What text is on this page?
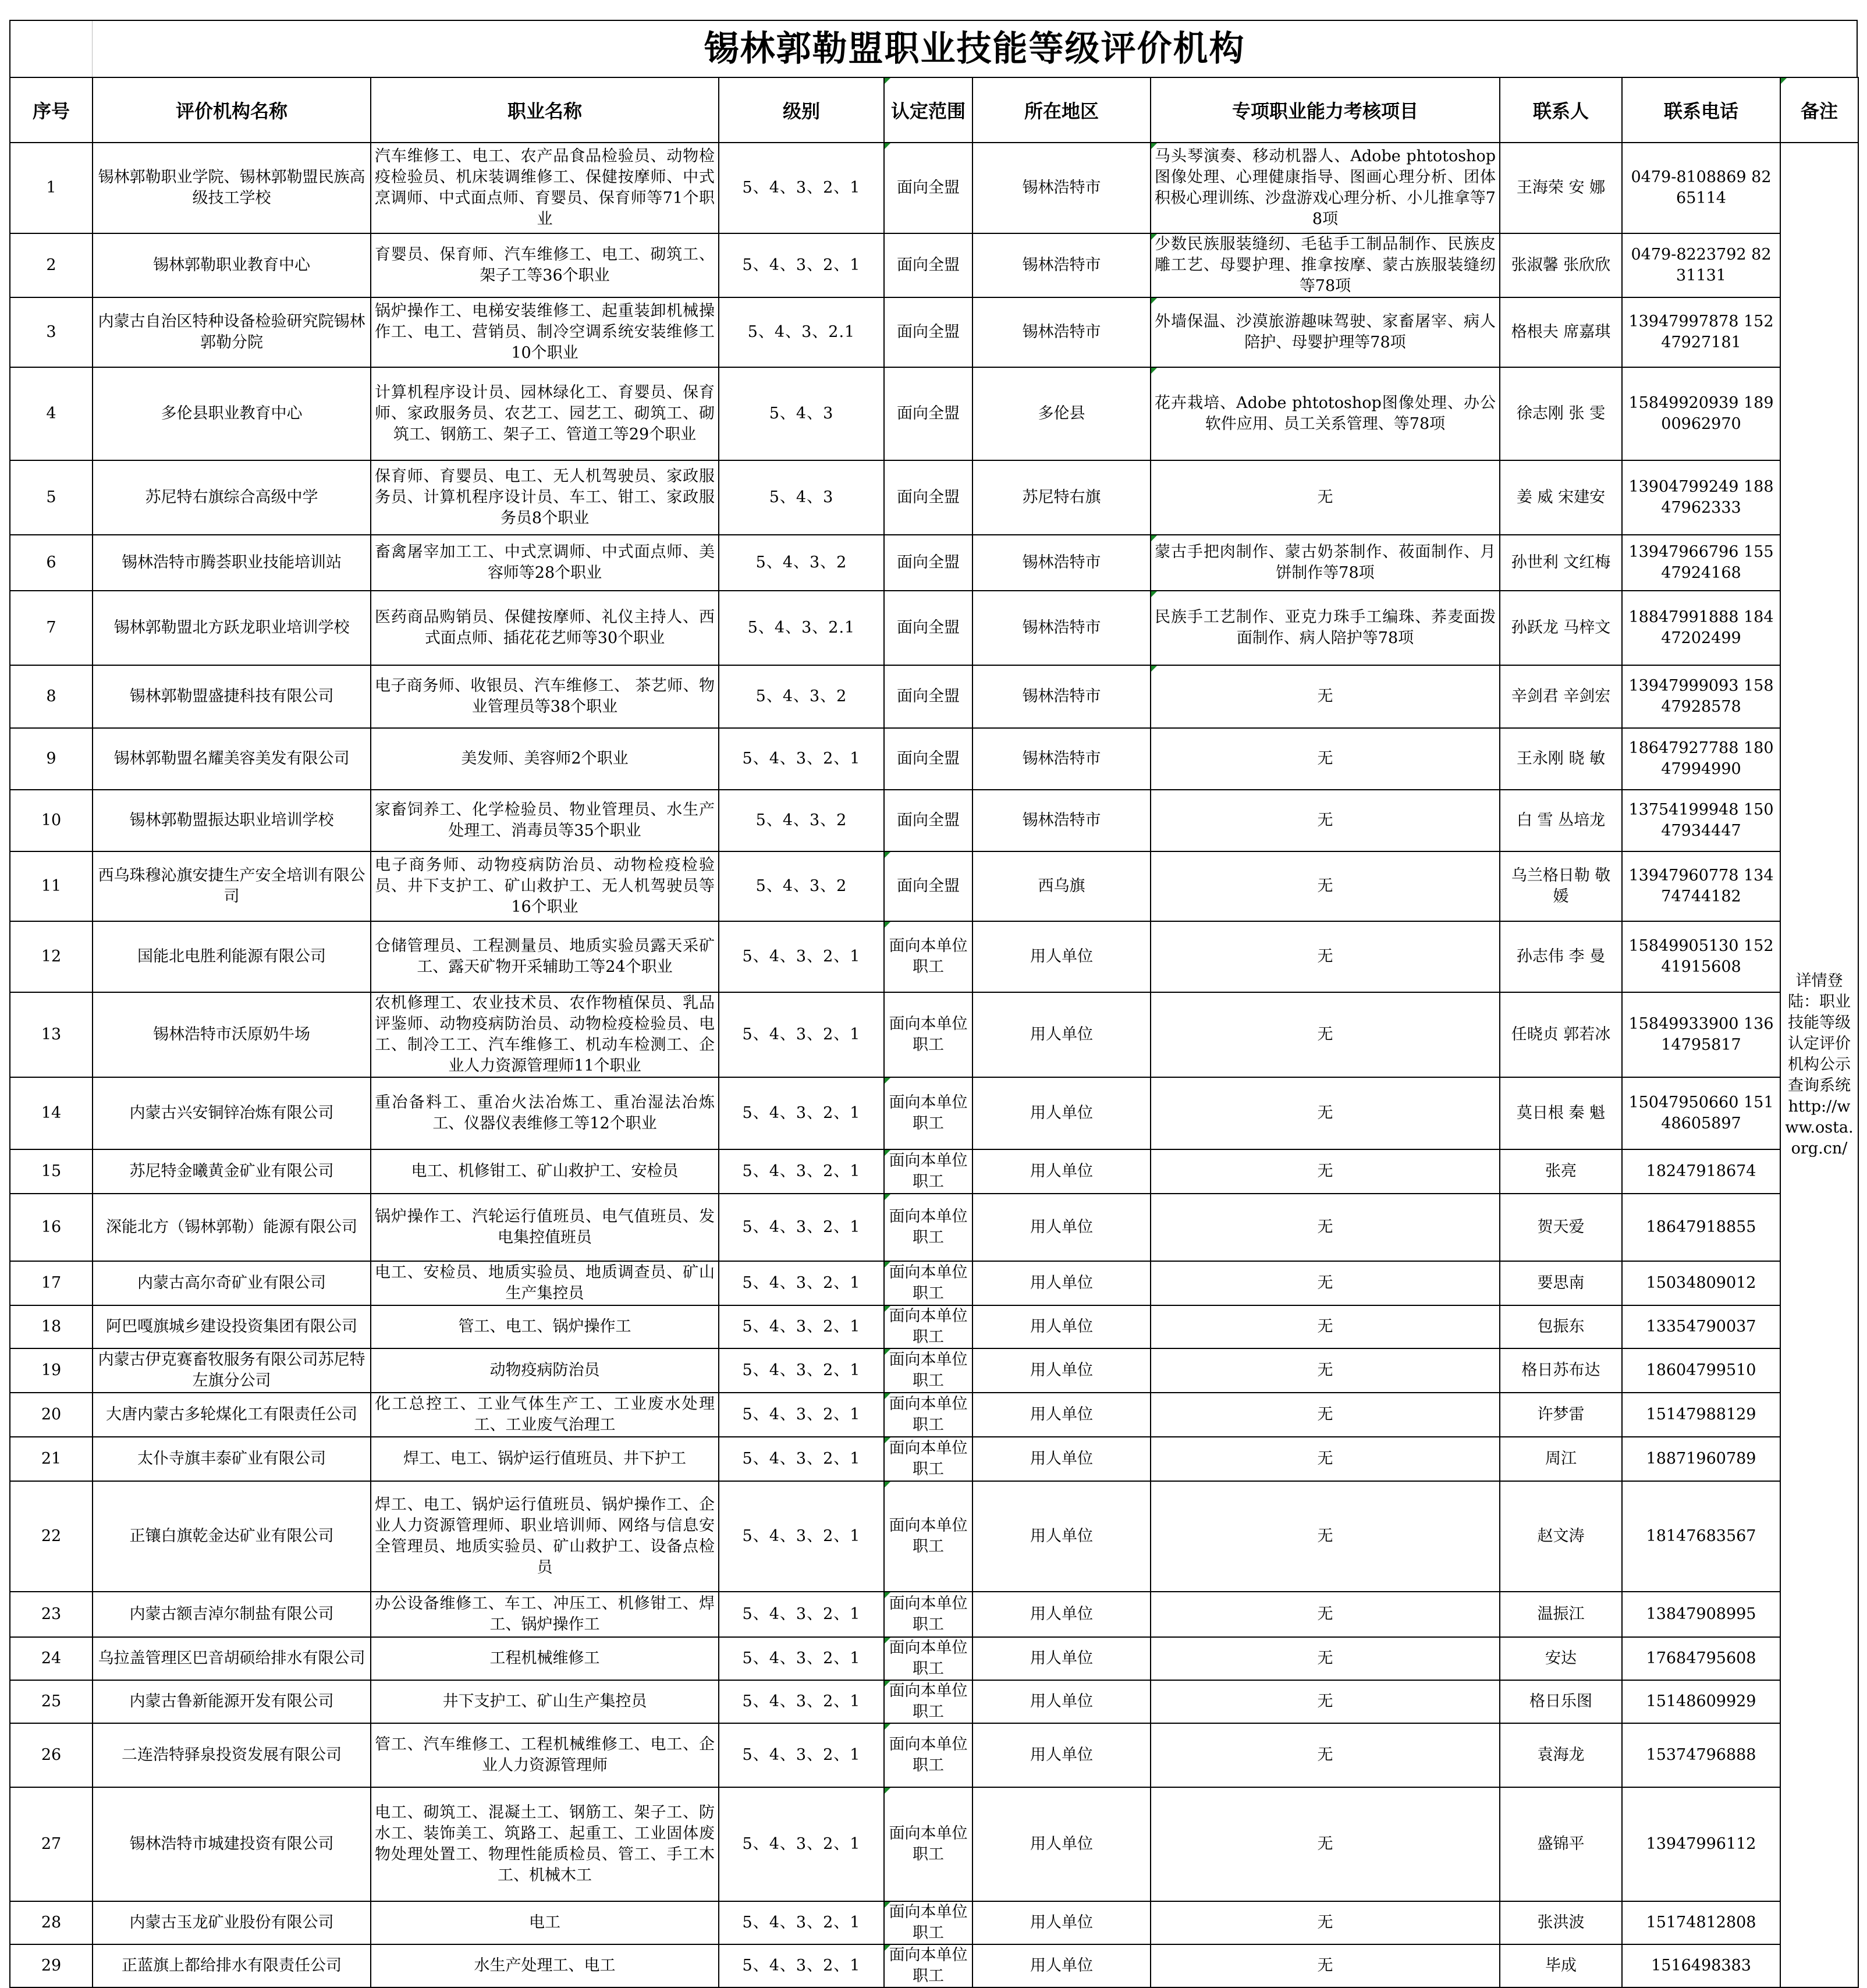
锡林郭勒盟职业技能等级评价机构
序号	评价机构名称	职业名称	级别	认定范围	所在地区	专项职业能力考核项目	联系人	联系电话	备注
1	锡林郭勒职业学院、锡林郭勒盟民族高级技工学校	汽车维修工、电工、农产品食品检验员、动物检疫检验员、机床装调维修工、保健按摩师、中式烹调师、中式面点师、育婴员、保育师等71个职业	5、4、3、2、1	面向全盟	锡林浩特市	马头琴演奏、移动机器人、Adobe phtotoshop图像处理、心理健康指导、图画心理分析、团体积极心理训练、沙盘游戏心理分析、小儿推拿等78项	王海荣 安 娜	0479-8108869 8265114	详情登陆：职业技能等级认定评价机构公示查询系统http://www.osta.org.cn/

2	锡林郭勒职业教育中心	育婴员、保育师、汽车维修工、电工、砌筑工、架子工等36个职业	5、4、3、2、1	面向全盟	锡林浩特市	少数民族服装缝纫、毛毡手工制品制作、民族皮雕工艺、母婴护理、推拿按摩、蒙古族服装缝纫等78项	张淑馨 张欣欣	0479-8223792 8231131	
3	内蒙古自治区特种设备检验研究院锡林郭勒分院	锅炉操作工、电梯安装维修工、起重装卸机械操作工、电工、营销员、制冷空调系统安装维修工10个职业	5、4、3、2.1	面向全盟	锡林浩特市	外墙保温、沙漠旅游趣味驾驶、家畜屠宰、病人陪护、母婴护理等78项	格根夫 席嘉琪	13947997878 15247927181	
4	多伦县职业教育中心	计算机程序设计员、园林绿化工、育婴员、保育师、家政服务员、农艺工、园艺工、砌筑工、砌筑工、钢筋工、架子工、管道工等29个职业	5、4、3	面向全盟	多伦县	花卉栽培、Adobe phtotoshop图像处理、办公软件应用、员工关系管理、等78项	徐志刚 张 雯	15849920939 18900962970	
5	苏尼特右旗综合高级中学	保育师、育婴员、电工、无人机驾驶员、家政服务员、计算机程序设计员、车工、钳工、家政服务员8个职业	5、4、3	面向全盟	苏尼特右旗	无	姜 威 宋建安	13904799249 18847962333	
6	锡林浩特市腾荟职业技能培训站	畜禽屠宰加工工、中式烹调师、中式面点师、美容师等28个职业	5、4、3、2	面向全盟	锡林浩特市	蒙古手把肉制作、蒙古奶茶制作、莜面制作、月饼制作等78项	孙世利 文红梅	13947966796 15547924168	
7	锡林郭勒盟北方跃龙职业培训学校	医药商品购销员、保健按摩师、礼仪主持人、西式面点师、插花花艺师等30个职业	5、4、3、2.1	面向全盟	锡林浩特市	民族手工艺制作、亚克力珠手工编珠、荞麦面拨面制作、病人陪护等78项	孙跃龙 马梓文	18847991888 18447202499	
8	锡林郭勒盟盛捷科技有限公司	电子商务师、收银员、汽车维修工、 茶艺师、物业管理员等38个职业	5、4、3、2	面向全盟	锡林浩特市	无	辛剑君 辛剑宏	13947999093 15847928578	
9	锡林郭勒盟名耀美容美发有限公司	美发师、美容师2个职业	5、4、3、2、1	面向全盟	锡林浩特市	无	王永刚 晓 敏	18647927788 18047994990	
10	锡林郭勒盟振达职业培训学校	家畜饲养工、化学检验员、物业管理员、水生产处理工、消毒员等35个职业	5、4、3、2	面向全盟	锡林浩特市	无	白 雪 丛培龙	13754199948 15047934447	
11	西乌珠穆沁旗安捷生产安全培训有限公司	电子商务师、动物疫病防治员、动物检疫检验员、井下支护工、矿山救护工、无人机驾驶员等16个职业	5、4、3、2	面向全盟	西乌旗	无	乌兰格日勒 敬 媛	13947960778 13474744182	
12	国能北电胜利能源有限公司	仓储管理员、工程测量员、地质实验员露天采矿工、露天矿物开采辅助工等24个职业	5、4、3、2、1	面向本单位职工	用人单位	无	孙志伟 李 曼	15849905130 15241915608	
13	锡林浩特市沃原奶牛场	农机修理工、农业技术员、农作物植保员、乳品评鉴师、动物疫病防治员、动物检疫检验员、电工、制冷工工、汽车维修工、机动车检测工、企业人力资源管理师11个职业	5、4、3、2、1	面向本单位职工	用人单位	无	任晓贞 郭若冰	15849933900 13614795817	
14	内蒙古兴安铜锌冶炼有限公司	重冶备料工、重冶火法冶炼工、重冶湿法冶炼工、仪器仪表维修工等12个职业	5、4、3、2、1	面向本单位职工	用人单位	无	莫日根 秦 魁	15047950660 15148605897	
15	苏尼特金曦黄金矿业有限公司	电工、机修钳工、矿山救护工、安检员	5、4、3、2、1	面向本单位职工	用人单位	无	张亮	18247918674	
16	深能北方（锡林郭勒）能源有限公司	锅炉操作工、汽轮运行值班员、电气值班员、发电集控值班员	5、4、3、2、1	面向本单位职工	用人单位	无	贺天爱	18647918855	
17	内蒙古高尔奇矿业有限公司	电工、安检员、地质实验员、地质调查员、矿山生产集控员	5、4、3、2、1	面向本单位职工	用人单位	无	要思南	15034809012	
18	阿巴嘎旗城乡建设投资集团有限公司	管工、电工、锅炉操作工	5、4、3、2、1	面向本单位职工	用人单位	无	包振东	13354790037	
19	内蒙古伊克赛畜牧服务有限公司苏尼特左旗分公司	动物疫病防治员	5、4、3、2、1	面向本单位职工	用人单位	无	格日苏布达	18604799510	
20	大唐内蒙古多轮煤化工有限责任公司	化工总控工、工业气体生产工、工业废水处理工、工业废气治理工	5、4、3、2、1	面向本单位职工	用人单位	无	许梦雷	15147988129	
21	太仆寺旗丰泰矿业有限公司	焊工、电工、锅炉运行值班员、井下护工	5、4、3、2、1	面向本单位职工	用人单位	无	周江	18871960789	
22	正镶白旗乾金达矿业有限公司	焊工、电工、锅炉运行值班员、锅炉操作工、企业人力资源管理师、职业培训师、网络与信息安全管理员、地质实验员、矿山救护工、设备点检员	5、4、3、2、1	面向本单位职工	用人单位	无	赵文涛	18147683567	
23	内蒙古额吉淖尔制盐有限公司	办公设备维修工、车工、冲压工、机修钳工、焊工、锅炉操作工	5、4、3、2、1	面向本单位职工	用人单位	无	温振江	13847908995	
24	乌拉盖管理区巴音胡硕给排水有限公司	工程机械维修工	5、4、3、2、1	面向本单位职工	用人单位	无	安达	17684795608	
25	内蒙古鲁新能源开发有限公司	井下支护工、矿山生产集控员	5、4、3、2、1	面向本单位职工	用人单位	无	格日乐图	15148609929	
26	二连浩特驿泉投资发展有限公司	管工、汽车维修工、工程机械维修工、电工、企业人力资源管理师	5、4、3、2、1	面向本单位职工	用人单位	无	袁海龙	15374796888	
27	锡林浩特市城建投资有限公司	电工、砌筑工、混凝土工、钢筋工、架子工、防水工、装饰美工、筑路工、起重工、工业固体废物处理处置工、物理性能质检员、管工、手工木工、机械木工	5、4、3、2、1	面向本单位职工	用人单位	无	盛锦平	13947996112	
28	内蒙古玉龙矿业股份有限公司	电工	5、4、3、2、1	面向本单位职工	用人单位	无	张洪波	15174812808	
29	正蓝旗上都给排水有限责任公司	水生产处理工、电工	5、4、3、2、1	面向本单位职工	用人单位	无	毕成	1516498383	
